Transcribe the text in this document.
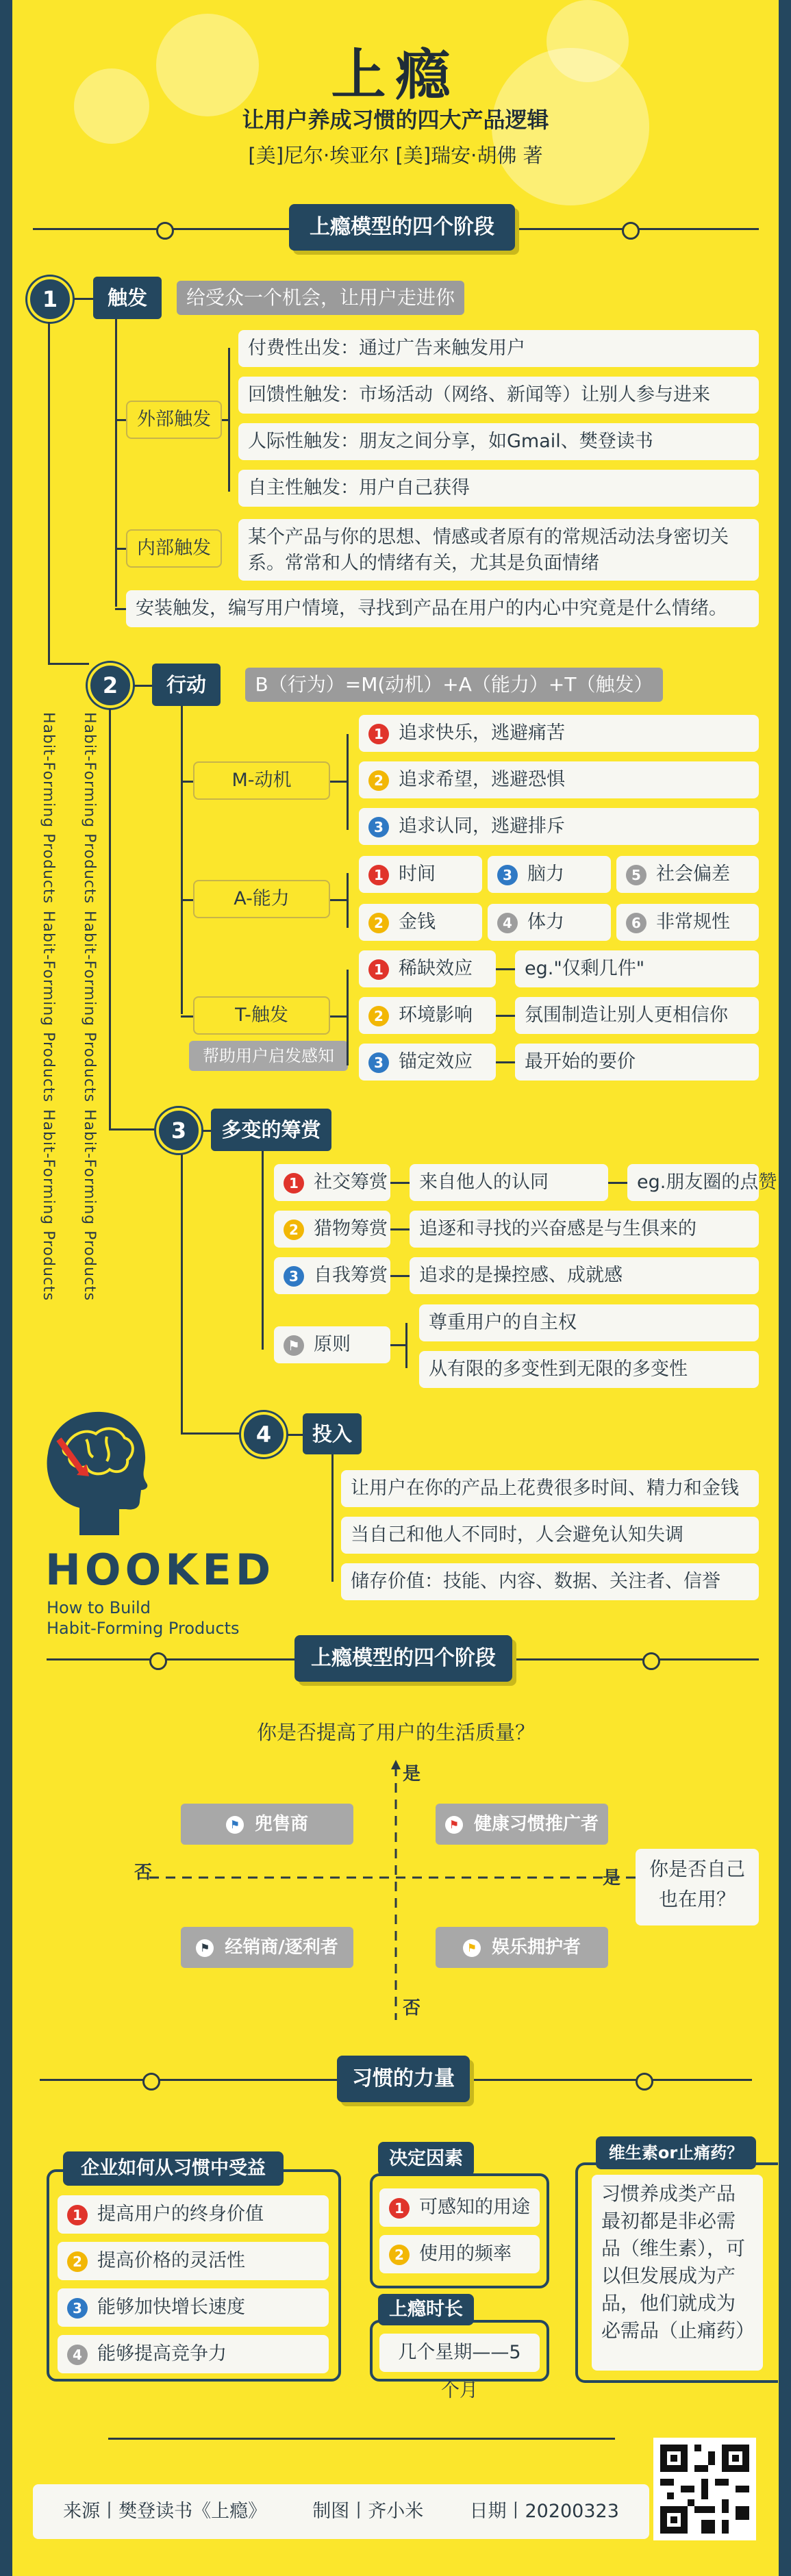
上瘾
让用户养成习惯的四大产品逻辑
[美]尼尔·埃亚尔 [美]瑞安·胡佛 著
上瘾模型的四个阶段
Habit-Forming Products
Habit-Forming Products
Habit-Forming Products
Habit-Forming Products
Habit-Forming Products
Habit-Forming Products
1	触发	给受众一个机会，让用户走进你
外部触发
付费性出发：通过广告来触发用户
回馈性触发：市场活动（网络、新闻等）让别人参与进来
人际性触发：朋友之间分享，如Gmail、樊登读书
自主性触发：用户自己获得
内部触发
某个产品与你的思想、情感或者原有的常规活动法身密切关系。常常和人的情绪有关，尤其是负面情绪
安装触发，编写用户情境，寻找到产品在用户的内心中究竟是什么情绪。
2	行动	B（行为）=M(动机）+A（能力）+T（触发）
M-动机
1 追求快乐，逃避痛苦
2 追求希望，逃避恐惧
3 追求认同，逃避排斥
A-能力
1 时间	3 脑力	5 社会偏差
2 金钱	4 体力	6 非常规性
T-触发
帮助用户启发感知
1 稀缺效应	eg."仅剩几件"
2 环境影响	氛围制造让别人更相信你
3 锚定效应	最开始的要价
3	多变的筹赏
1 社交筹赏	来自他人的认同	eg.朋友圈的点赞
2 猎物筹赏	追逐和寻找的兴奋感是与生俱来的
3 自我筹赏	追求的是操控感、成就感
⚑ 原则
尊重用户的自主权
从有限的多变性到无限的多变性
4	投入
让用户在你的产品上花费很多时间、精力和金钱
当自己和他人不同时，人会避免认知失调
储存价值：技能、内容、数据、关注者、信誉
HOOKED
How to Build
Habit-Forming Products
上瘾模型的四个阶段
你是否提高了用户的生活质量？
是
否
否	是	你是否自己也在用？
⚑ 兜售商	⚑ 健康习惯推广者
⚑ 经销商/逐利者	⚑ 娱乐拥护者
习惯的力量
企业如何从习惯中受益
1 提高用户的终身价值
2 提高价格的灵活性
3 能够加快增长速度
4 能够提高竞争力
决定因素
1 可感知的用途
2 使用的频率
上瘾时长
几个星期——5个月
维生素or止痛药？
习惯养成类产品最初都是非必需品（维生素），可以但发展成为产品，他们就成为必需品（止痛药）
来源丨樊登读书《上瘾》 制图丨齐小米 日期丨20200323
